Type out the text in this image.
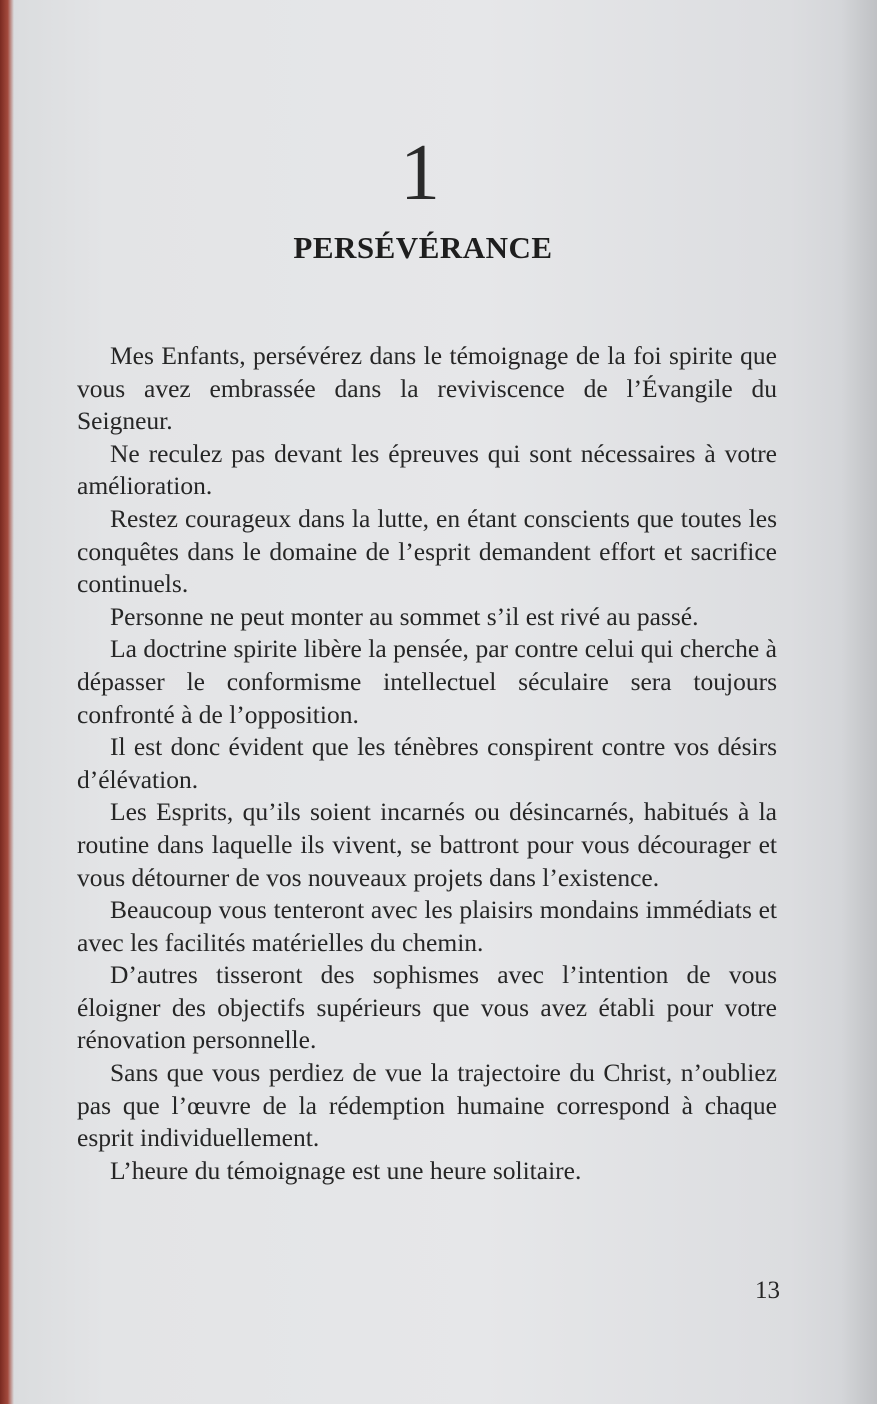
1
PERSÉVÉRANCE

Mes Enfants, persévérez dans le témoignage de la foi spirite que vous avez embrassée dans la reviviscence de l’Évangile du Seigneur.

Ne reculez pas devant les épreuves qui sont nécessaires à votre amélioration.

Restez courageux dans la lutte, en étant conscients que toutes les conquêtes dans le domaine de l’esprit demandent effort et sacrifice continuels.

Personne ne peut monter au sommet s’il est rivé au passé.

La doctrine spirite libère la pensée, par contre celui qui cherche à dépasser le conformisme intellectuel séculaire sera toujours confronté à de l’opposition.

Il est donc évident que les ténèbres conspirent contre vos désirs d’élévation.

Les Esprits, qu’ils soient incarnés ou désincarnés, habitués à la routine dans laquelle ils vivent, se battront pour vous décourager et vous détourner de vos nouveaux projets dans l’existence.

Beaucoup vous tenteront avec les plaisirs mondains immédiats et avec les facilités matérielles du chemin.

D’autres tisseront des sophismes avec l’intention de vous éloigner des objectifs supérieurs que vous avez établi pour votre rénovation personnelle.

Sans que vous perdiez de vue la trajectoire du Christ, n’oubliez pas que l’œuvre de la rédemption humaine correspond à chaque esprit individuellement.

L’heure du témoignage est une heure solitaire.

13
